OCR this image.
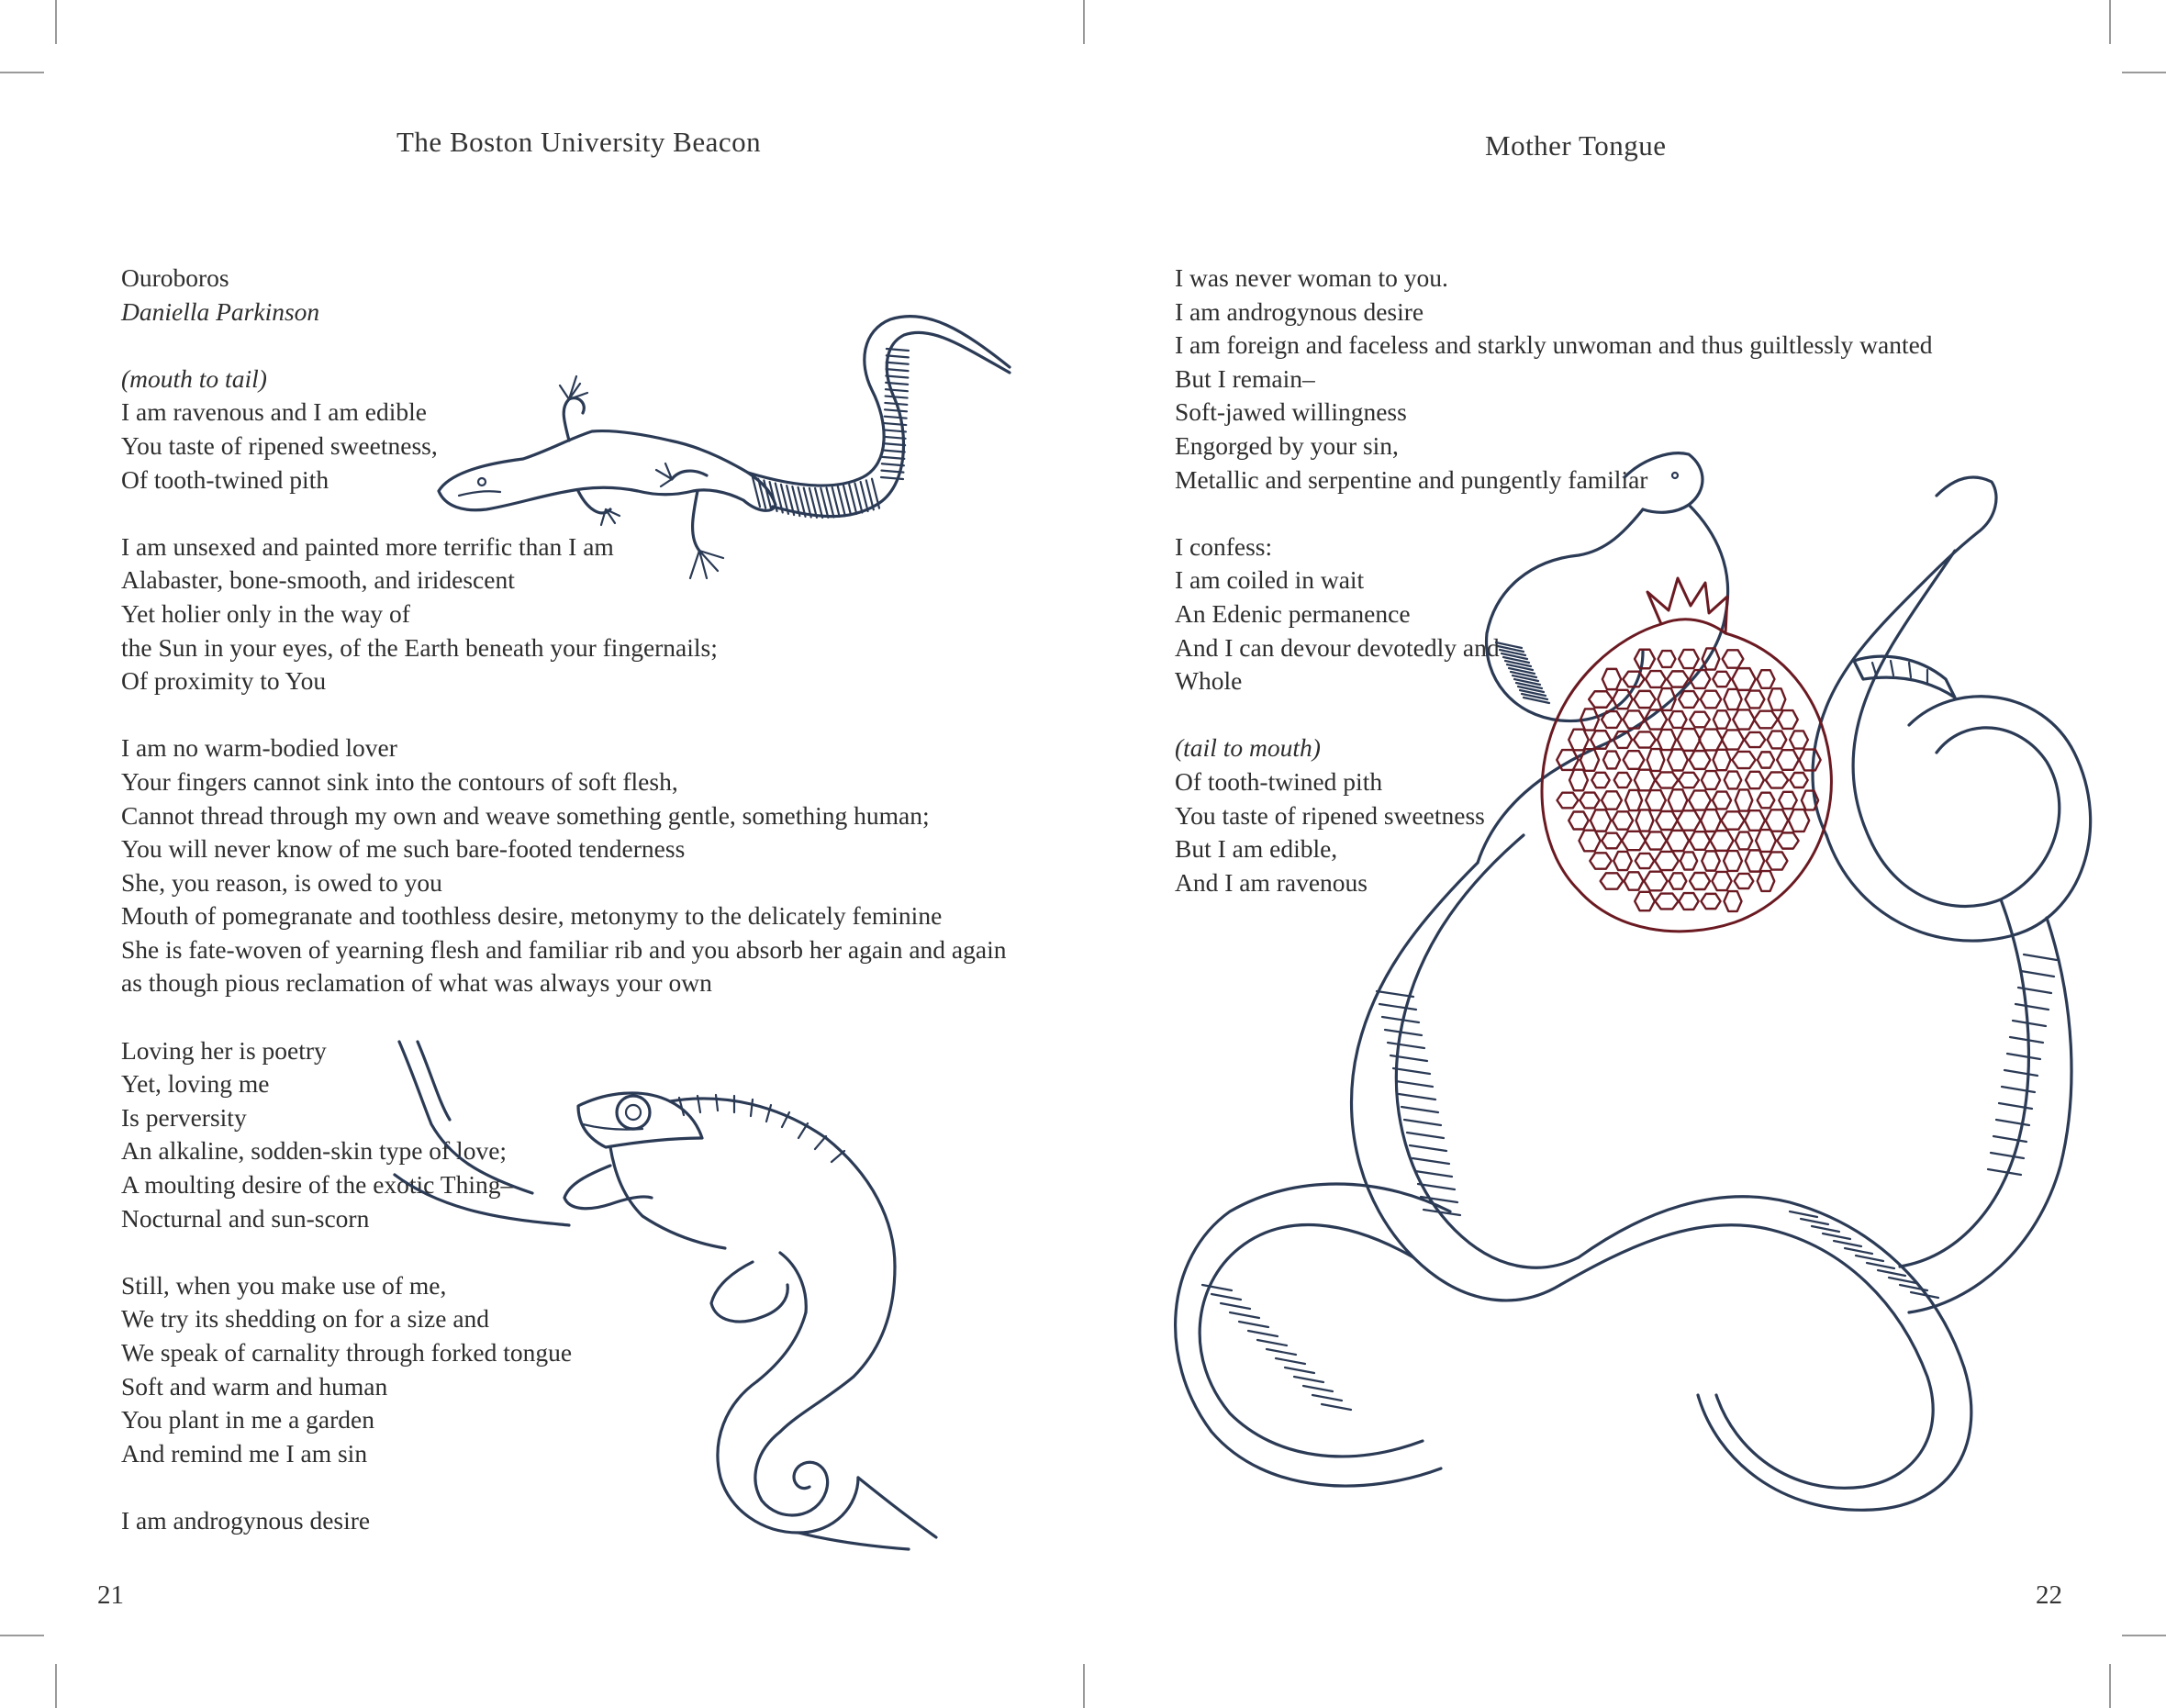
The Boston University Beacon
Ouroboros
Daniella Parkinson
(mouth to tail)
I am ravenous and I am edible
You taste of ripened sweetness,
Of tooth-twined pith
I am unsexed and painted more terrific than I am
Alabaster, bone-smooth, and iridescent
Yet holier only in the way of
the Sun in your eyes, of the Earth beneath your fingernails;
Of proximity to You
I am no warm-bodied lover
Your fingers cannot sink into the contours of soft flesh,
Cannot thread through my own and weave something gentle, something human;
You will never know of me such bare-footed tenderness
She, you reason, is owed to you
Mouth of pomegranate and toothless desire, metonymy to the delicately feminine
She is fate-woven of yearning flesh and familiar rib and you absorb her again and again
as though pious reclamation of what was always your own
Loving her is poetry
Yet, loving me
Is perversity
An alkaline, sodden-skin type of love;
A moulting desire of the exotic Thing–
Nocturnal and sun-scorn
Still, when you make use of me,
We try its shedding on for a size and
We speak of carnality through forked tongue
Soft and warm and human
You plant in me a garden
And remind me I am sin
I am androgynous desire
21
Mother Tongue
I was never woman to you.
I am androgynous desire
I am foreign and faceless and starkly unwoman and thus guiltlessly wanted
But I remain–
Soft-jawed willingness
Engorged by your sin,
Metallic and serpentine and pungently familiar
I confess:
I am coiled in wait
An Edenic permanence
And I can devour devotedly and
Whole
(tail to mouth)
Of tooth-twined pith
You taste of ripened sweetness
But I am edible,
And I am ravenous
22
